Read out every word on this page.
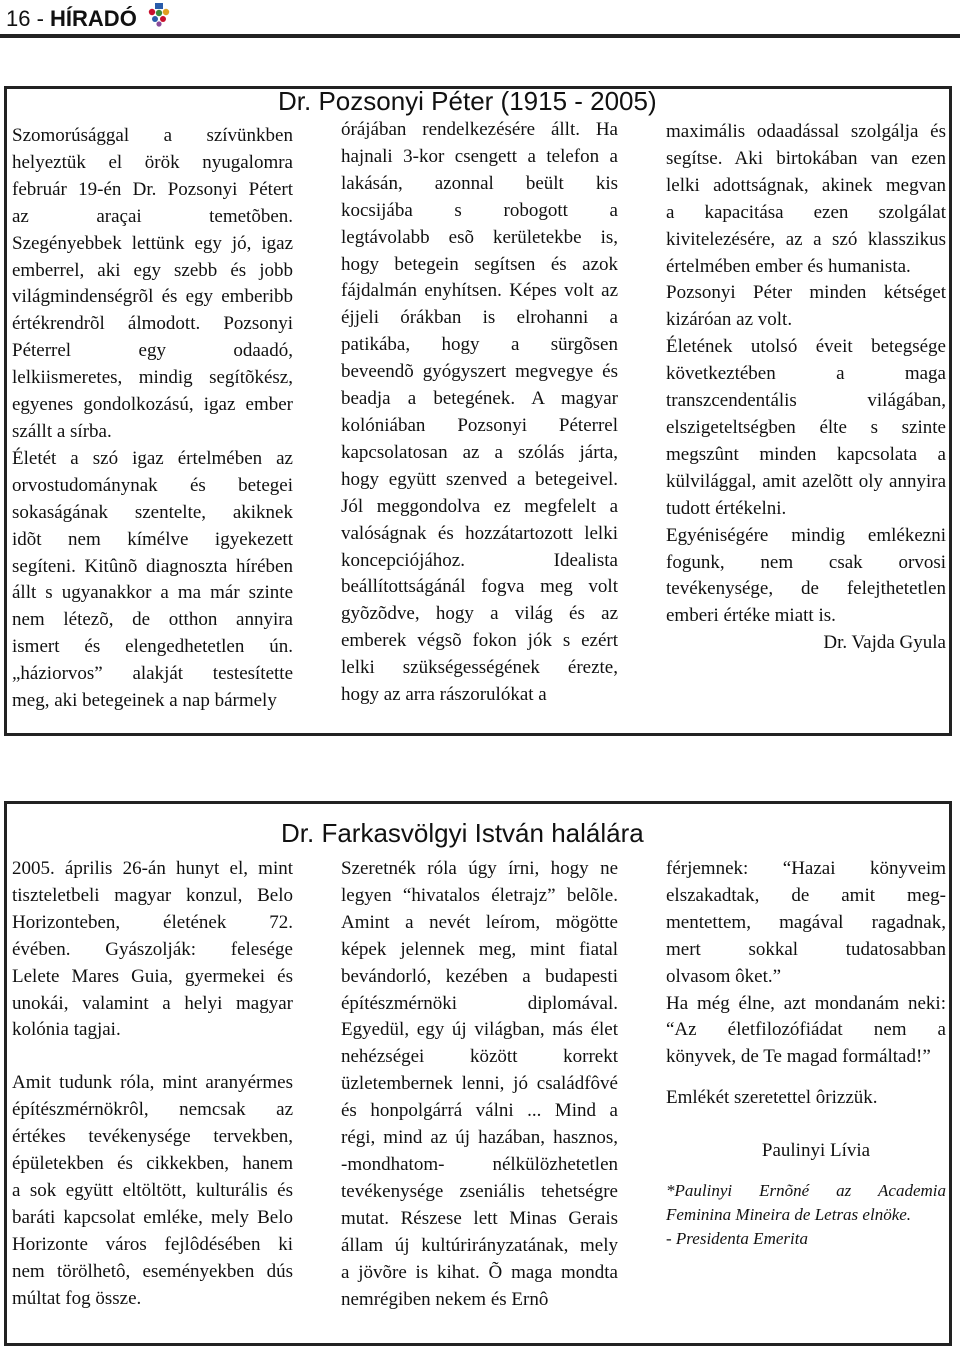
16 - HÍRADÓ
Dr. Pozsonyi Péter (1915 - 2005)

Szomorúsággal a szívünkben

helyeztük el örök nyugalomra

február 19-én Dr. Pozsonyi Pétert

az araçai temetõben.

Szegényebbek lettünk egy jó, igaz

emberrel, aki egy szebb és jobb

világmindenségrõl és egy emberibb

értékrendrõl álmodott. Pozsonyi

Péterrel egy odaadó,

lelkiismeretes, mindig segítõkész,

egyenes gondolkozású, igaz ember

szállt a sírba.

Életét a szó igaz értelmében az

orvostudománynak és betegei

sokaságának szentelte, akiknek

idõt nem kímélve igyekezett

segíteni. Kitûnõ diagnoszta hírében

állt s ugyanakkor a ma már szinte

nem létezõ, de otthon annyira

ismert és elengedhetetlen ún.

„háziorvos” alakját testesítette

meg, aki betegeinek a nap bármely

órájában rendelkezésére állt. Ha

hajnali 3-kor csengett a telefon a

lakásán, azonnal beült kis

kocsijába s robogott a

legtávolabb esõ kerületekbe is,

hogy betegein segítsen és azok

fájdalmán enyhítsen. Képes volt az

éjjeli órákban is elrohanni a

patikába, hogy a sürgõsen

beveendõ gyógyszert megvegye és

beadja a betegének. A magyar

kolóniában Pozsonyi Péterrel

kapcsolatosan az a szólás járta,

hogy együtt szenved a betegeivel.

Jól meggondolva ez megfelelt a

valóságnak és hozzátartozott lelki

koncepciójához. Idealista

beállítottságánál fogva meg volt

gyõzõdve, hogy a világ és az

emberek végsõ fokon jók s ezért

lelki szükségességének érezte,

hogy az arra rászorulókat a

maximális odaadással szolgálja és

segítse. Aki birtokában van ezen

lelki adottságnak, akinek megvan

a kapacitása ezen szolgálat

kivitelezésére, az a szó klasszikus

értelmében ember és humanista.

Pozsonyi Péter minden kétséget

kizáróan az volt.

Életének utolsó éveit betegsége

következtében a maga

transzcendentális világában,

elszigeteltségben élte s szinte

megszûnt minden kapcsolata a

külvilággal, amit azelõtt oly annyira

tudott értékelni.

Egyéniségére mindig emlékezni

fogunk, nem csak orvosi

tevékenysége, de felejthetetlen

emberi értéke miatt is.

Dr. Vajda Gyula

Dr. Farkasvölgyi István halálára

2005. április 26-án hunyt el, mint

tiszteletbeli magyar konzul, Belo

Horizonteben, életének 72.

évében. Gyászolják: felesége

Lelete Mares Guia, gyermekei és

unokái, valamint a helyi magyar

kolónia tagjai.

Amit tudunk róla, mint aranyérmes

építészmérnökrôl, nemcsak az

értékes tevékenysége tervekben,

épületekben és cikkekben, hanem

a sok együtt eltöltött, kulturális és

baráti kapcsolat emléke, mely Belo

Horizonte város fejlôdésében ki

nem törölhetô, eseményekben dús

múltat fog össze.

Szeretnék róla úgy írni, hogy ne

legyen “hivatalos életrajz” belõle.

Amint a nevét leírom, mögötte

képek jelennek meg, mint fiatal

bevándorló, kezében a budapesti

építészmérnöki diplomával.

Egyedül, egy új világban, más élet

nehézségei között korrekt

üzletembernek lenni, jó családfôvé

és honpolgárrá válni ... Mind a

régi, mind az új hazában, hasznos,

-mondhatom- nélkülözhetetlen

tevékenysége zseniális tehetségre

mutat. Részese lett Minas Gerais

állam új kultúrirányzatának, mely

a jövõre is kihat. Õ maga mondta

nemrégiben nekem és Ernô

férjemnek: “Hazai könyveim

elszakadtak, de amit meg-

mentettem, magával ragadnak,

mert sokkal tudatosabban

olvasom ôket.”

Ha még élne, azt mondanám neki:

“Az életfilozófiádat nem a

könyvek, de Te magad formáltad!”

Emlékét szeretettel ôrizzük.

Paulinyi Lívia

*Paulinyi Ernõné az Academia

Feminina Mineira de Letras elnöke.

- Presidenta Emerita
